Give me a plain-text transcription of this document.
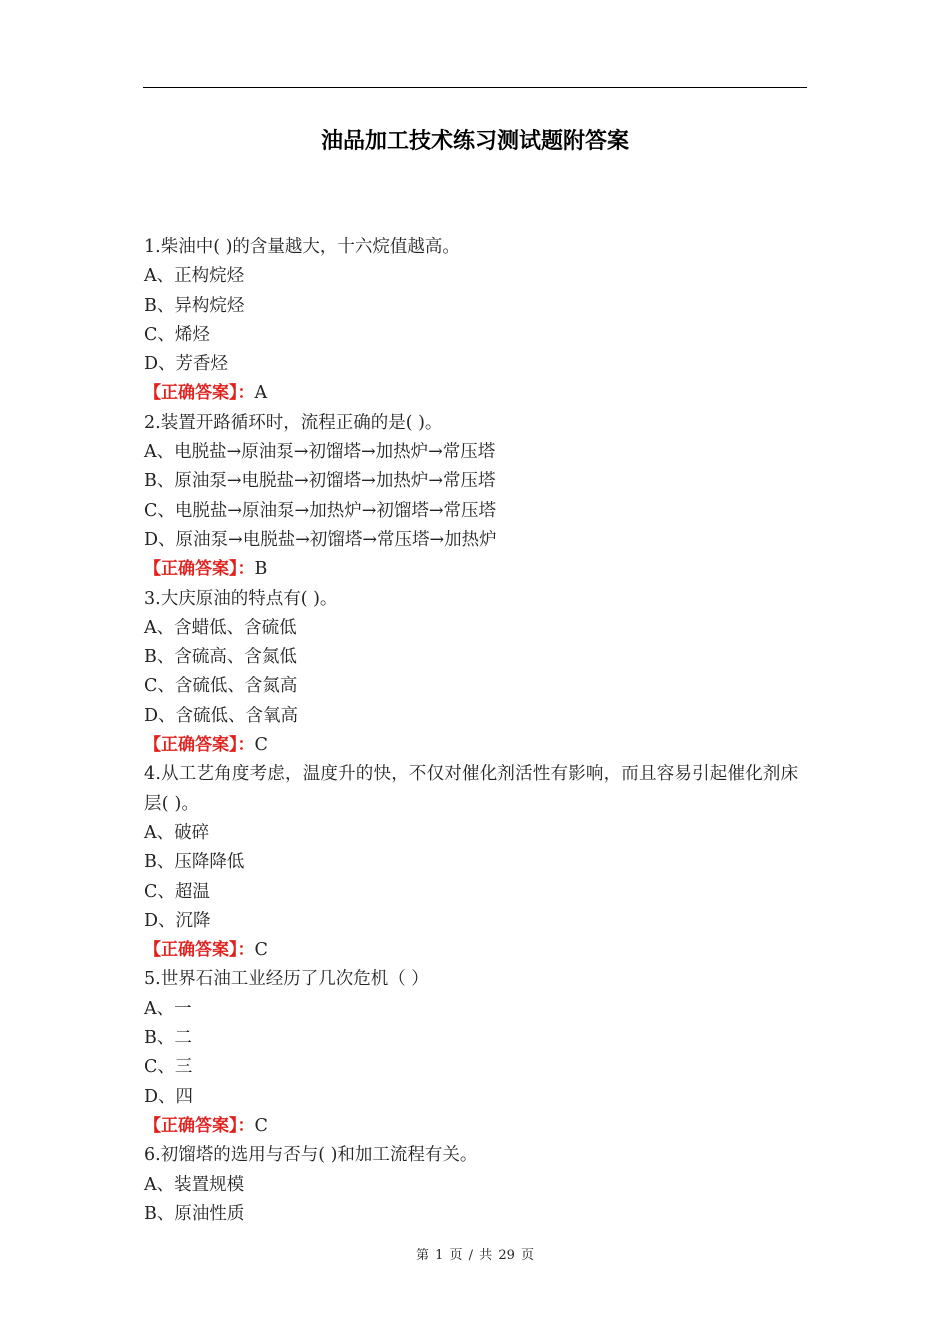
油品加工技术练习测试题附答案

1.柴油中( )的含量越大，十六烷值越高。

A、正构烷烃

B、异构烷烃

C、烯烃

D、芳香烃

【正确答案】：A

2.装置开路循环时，流程正确的是( )。

A、电脱盐→原油泵→初馏塔→加热炉→常压塔

B、原油泵→电脱盐→初馏塔→加热炉→常压塔

C、电脱盐→原油泵→加热炉→初馏塔→常压塔

D、原油泵→电脱盐→初馏塔→常压塔→加热炉

【正确答案】：B

3.大庆原油的特点有( )。

A、含蜡低、含硫低

B、含硫高、含氮低

C、含硫低、含氮高

D、含硫低、含氧高

【正确答案】：C

4.从工艺角度考虑，温度升的快，不仅对催化剂活性有影响，而且容易引起催化剂床层( )。

A、破碎

B、压降降低

C、超温

D、沉降

【正确答案】：C

5.世界石油工业经历了几次危机（ ）

A、一

B、二

C、三

D、四

【正确答案】：C

6.初馏塔的选用与否与( )和加工流程有关。

A、装置规模

B、原油性质

第 1 页 / 共 29 页
